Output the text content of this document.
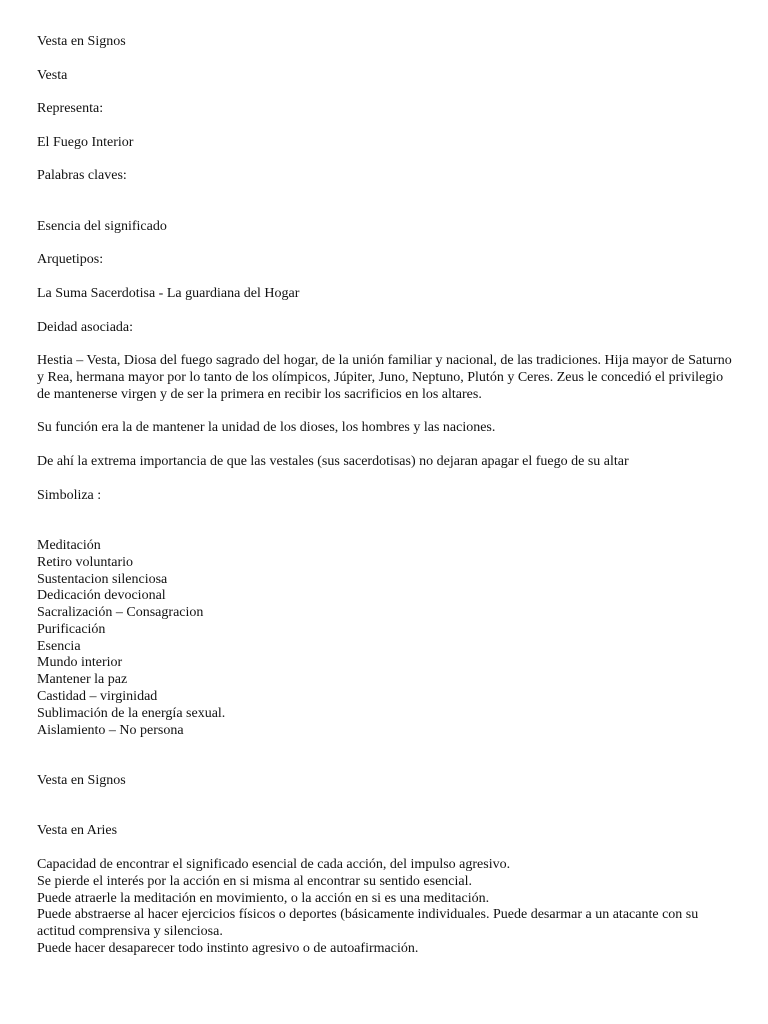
Vesta en Signos

Vesta

Representa:

El Fuego Interior

Palabras claves:

Esencia del significado

Arquetipos:

La Suma Sacerdotisa - La guardiana del Hogar

Deidad asociada:

Hestia – Vesta, Diosa del fuego sagrado del hogar, de la unión familiar y nacional, de las tradiciones. Hija mayor de Saturno y Rea, hermana mayor por lo tanto de los olímpicos, Júpiter, Juno, Neptuno, Plutón y Ceres. Zeus le concedió el privilegio de mantenerse virgen y de ser la primera en recibir los sacrificios en los altares.

Su función era la de mantener la unidad de los dioses, los hombres y las naciones.

De ahí la extrema importancia de que las vestales (sus sacerdotisas) no dejaran apagar el fuego de su altar

Simboliza :

Meditación
Retiro voluntario
Sustentacion silenciosa
Dedicación devocional
Sacralización – Consagracion
Purificación
Esencia
Mundo interior
Mantener la paz
Castidad – virginidad
Sublimación de la energía sexual.
Aislamiento – No persona

Vesta en Signos

Vesta en Aries

Capacidad de encontrar el significado esencial de cada acción, del impulso agresivo.
Se pierde el interés por la acción en si misma al encontrar su sentido esencial.
Puede atraerle la meditación en movimiento, o la acción en si es una meditación.
Puede abstraerse al hacer ejercicios físicos o deportes (básicamente individuales. Puede desarmar a un atacante con su actitud comprensiva y silenciosa.
Puede hacer desaparecer todo instinto agresivo o de autoafirmación.
